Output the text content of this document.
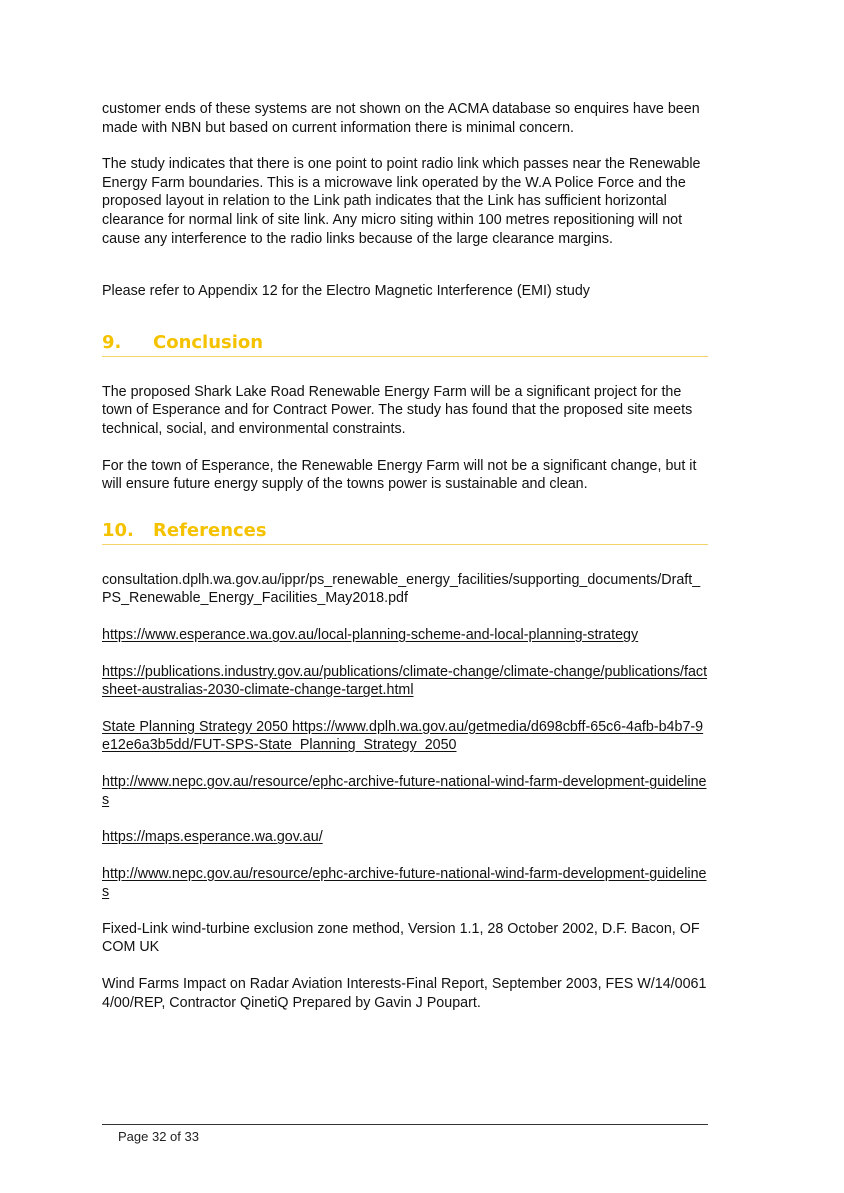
customer ends of these systems are not shown on the ACMA database so enquires have been made with NBN but based on current information there is minimal concern.

The study indicates that there is one point to point radio link which passes near the Renewable Energy Farm boundaries. This is a microwave link operated by the W.A Police Force and the proposed layout in relation to the Link path indicates that the Link has sufficient horizontal clearance for normal link of site link. Any micro siting within 100 metres repositioning will not cause any interference to the radio links because of the large clearance margins.

Please refer to Appendix 12 for the Electro Magnetic Interference (EMI) study

9.	Conclusion

The proposed Shark Lake Road Renewable Energy Farm will be a significant project for the town of Esperance and for Contract Power. The study has found that the proposed site meets technical, social, and environmental constraints.

For the town of Esperance, the Renewable Energy Farm will not be a significant change, but it will ensure future energy supply of the towns power is sustainable and clean.

10.	References

consultation.dplh.wa.gov.au/ippr/ps_renewable_energy_facilities/supporting_documents/Draft_PS_Renewable_Energy_Facilities_May2018.pdf

https://www.esperance.wa.gov.au/local-planning-scheme-and-local-planning-strategy

https://publications.industry.gov.au/publications/climate-change/climate-change/publications/factsheet-australias-2030-climate-change-target.html

State Planning Strategy 2050 https://www.dplh.wa.gov.au/getmedia/d698cbff-65c6-4afb-b4b7-9e12e6a3b5dd/FUT-SPS-State_Planning_Strategy_2050

http://www.nepc.gov.au/resource/ephc-archive-future-national-wind-farm-development-guidelines

https://maps.esperance.wa.gov.au/

http://www.nepc.gov.au/resource/ephc-archive-future-national-wind-farm-development-guidelines

Fixed-Link wind-turbine exclusion zone method, Version 1.1, 28 October 2002, D.F. Bacon, OFCOM UK

Wind Farms Impact on Radar Aviation Interests-Final Report, September 2003, FES W/14/00614/00/REP, Contractor QinetiQ Prepared by Gavin J Poupart.

Page 32 of 33
